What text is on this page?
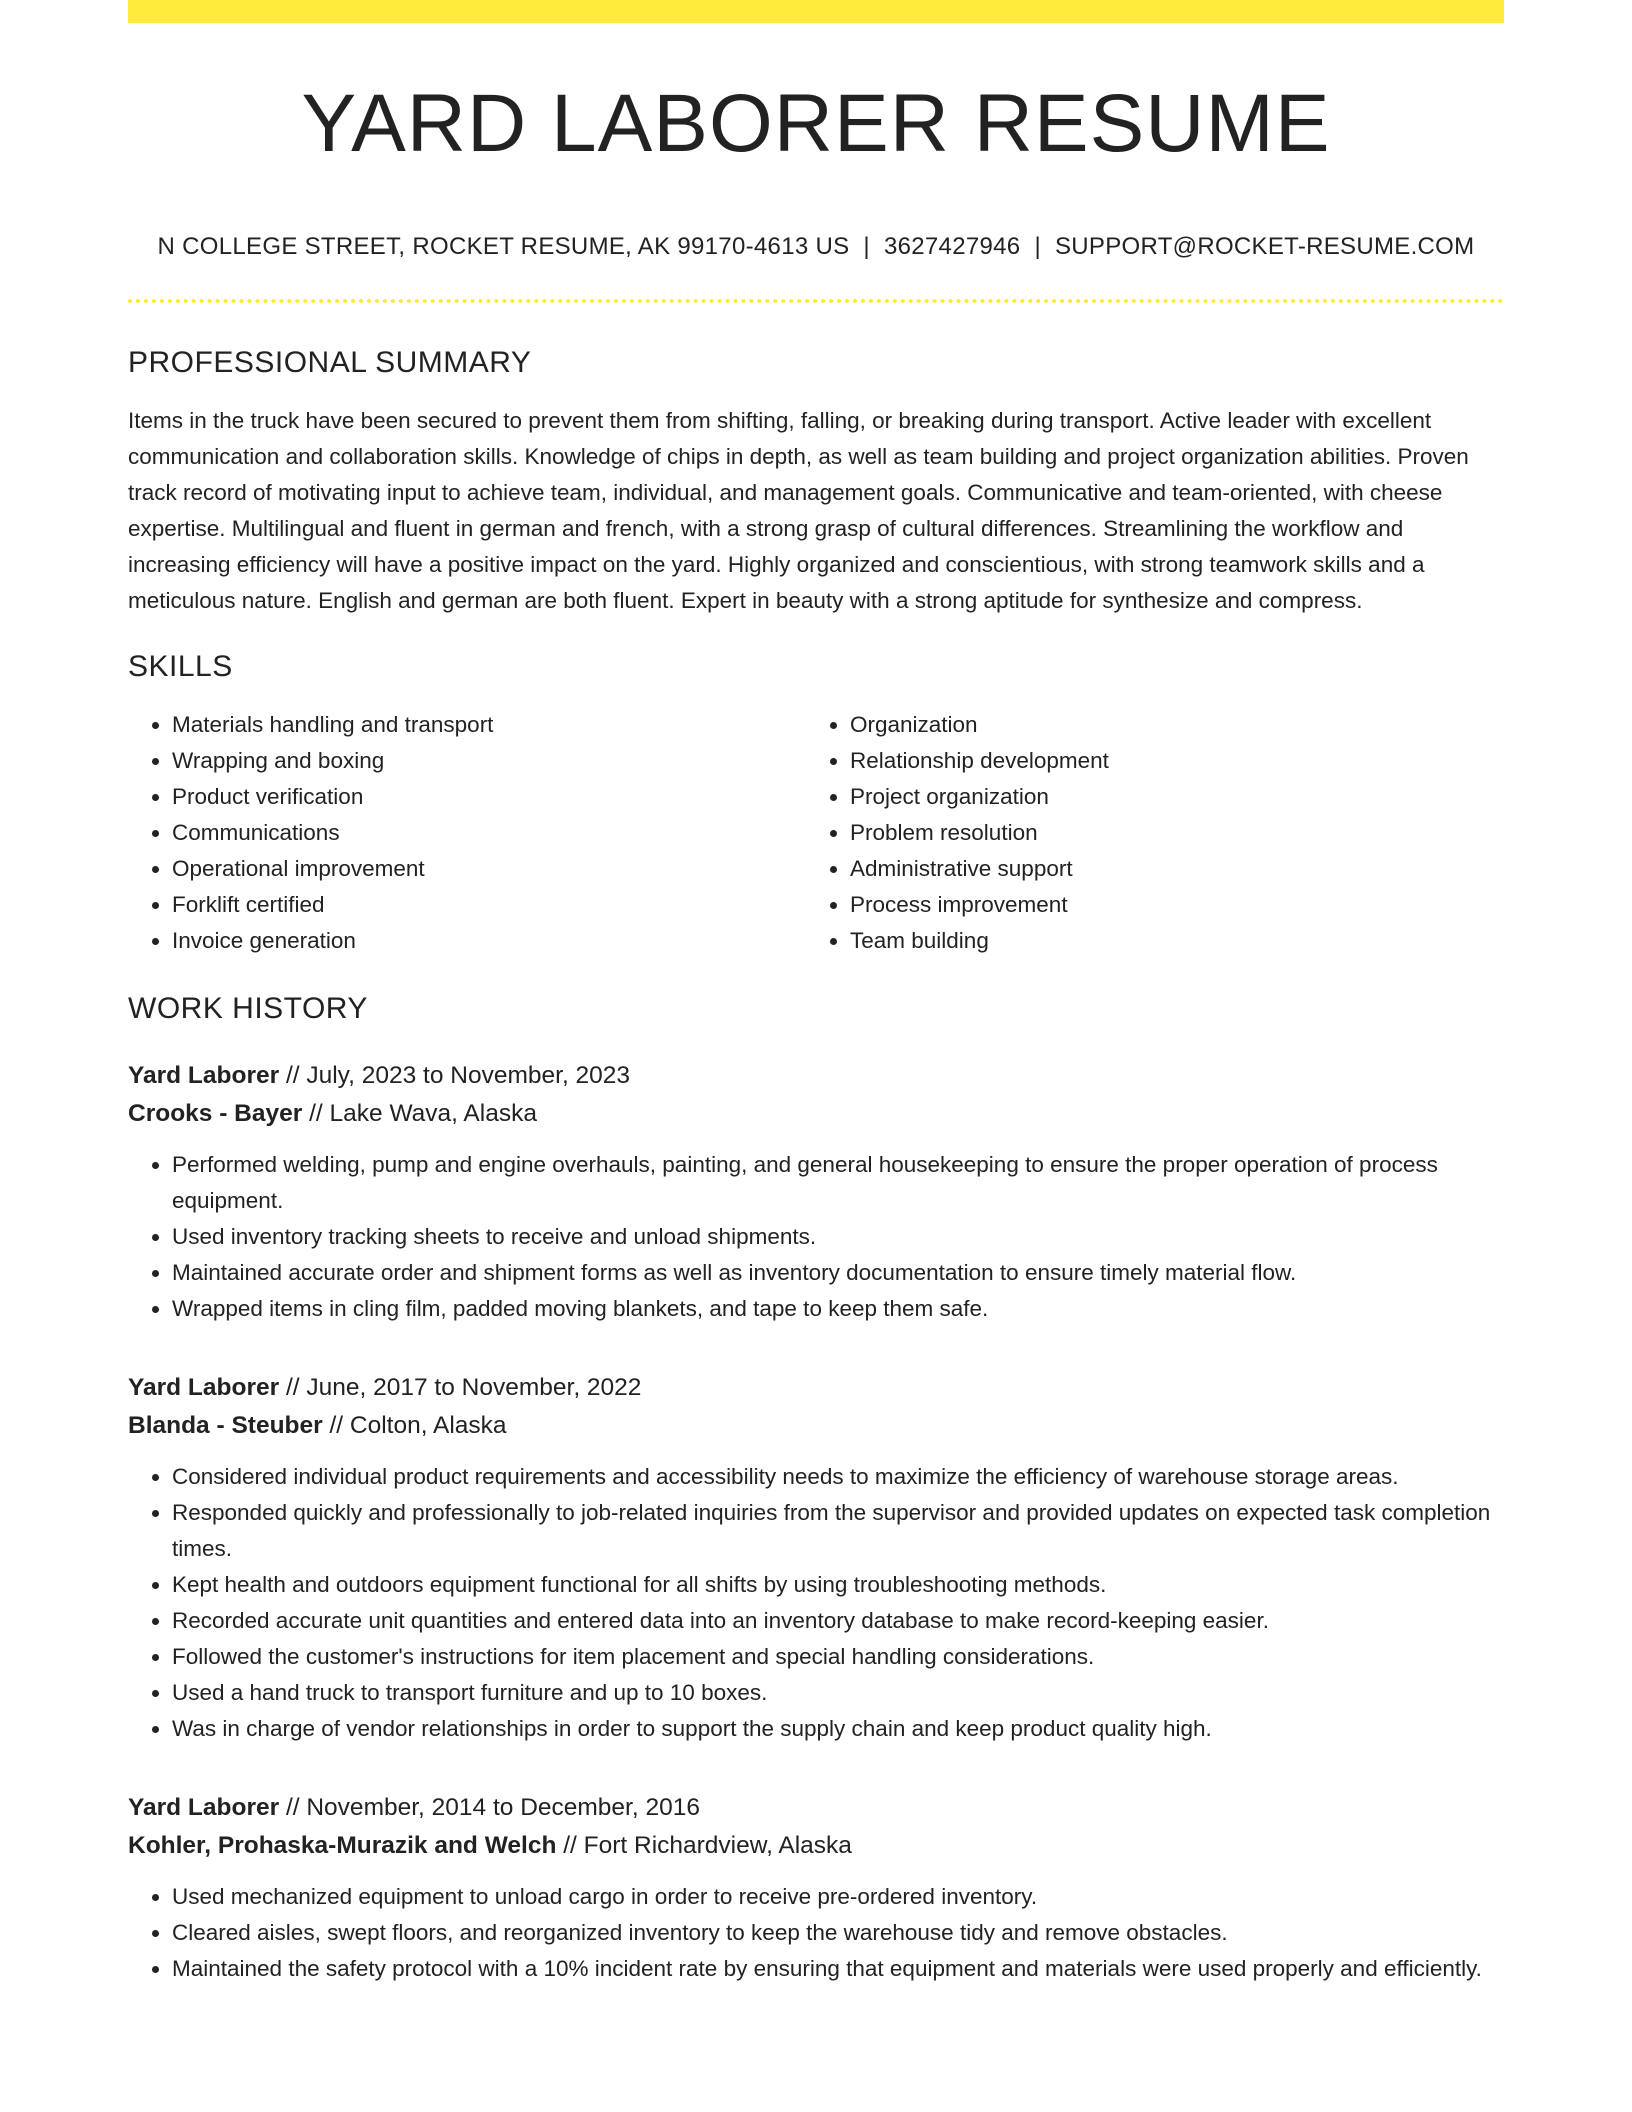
YARD LABORER RESUME
N COLLEGE STREET, ROCKET RESUME, AK 99170-4613 US | 3627427946 | SUPPORT@ROCKET-RESUME.COM
PROFESSIONAL SUMMARY

Items in the truck have been secured to prevent them from shifting, falling, or breaking during transport. Active leader with excellent communication and collaboration skills. Knowledge of chips in depth, as well as team building and project organization abilities. Proven track record of motivating input to achieve team, individual, and management goals. Communicative and team-oriented, with cheese expertise. Multilingual and fluent in german and french, with a strong grasp of cultural differences. Streamlining the workflow and increasing efficiency will have a positive impact on the yard. Highly organized and conscientious, with strong teamwork skills and a meticulous nature. English and german are both fluent. Expert in beauty with a strong aptitude for synthesize and compress.

SKILLS
• Materials handling and transport
• Wrapping and boxing
• Product verification
• Communications
• Operational improvement
• Forklift certified
• Invoice generation
• Organization
• Relationship development
• Project organization
• Problem resolution
• Administrative support
• Process improvement
• Team building
WORK HISTORY

Yard Laborer // July, 2023 to November, 2023

Crooks - Bayer // Lake Wava, Alaska

• Performed welding, pump and engine overhauls, painting, and general housekeeping to ensure the proper operation of process equipment.
• Used inventory tracking sheets to receive and unload shipments.
• Maintained accurate order and shipment forms as well as inventory documentation to ensure timely material flow.
• Wrapped items in cling film, padded moving blankets, and tape to keep them safe.

Yard Laborer // June, 2017 to November, 2022

Blanda - Steuber // Colton, Alaska

• Considered individual product requirements and accessibility needs to maximize the efficiency of warehouse storage areas.
• Responded quickly and professionally to job-related inquiries from the supervisor and provided updates on expected task completion times.
• Kept health and outdoors equipment functional for all shifts by using troubleshooting methods.
• Recorded accurate unit quantities and entered data into an inventory database to make record-keeping easier.
• Followed the customer's instructions for item placement and special handling considerations.
• Used a hand truck to transport furniture and up to 10 boxes.
• Was in charge of vendor relationships in order to support the supply chain and keep product quality high.

Yard Laborer // November, 2014 to December, 2016

Kohler, Prohaska-Murazik and Welch // Fort Richardview, Alaska

• Used mechanized equipment to unload cargo in order to receive pre-ordered inventory.
• Cleared aisles, swept floors, and reorganized inventory to keep the warehouse tidy and remove obstacles.
• Maintained the safety protocol with a 10% incident rate by ensuring that equipment and materials were used properly and efficiently.
